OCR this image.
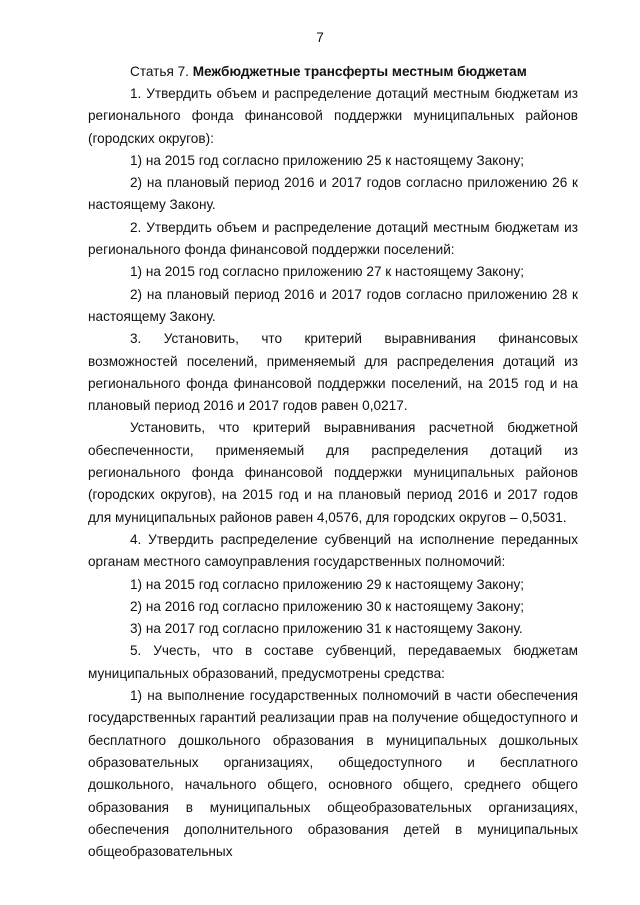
7

Статья 7. Межбюджетные трансферты местным бюджетам

1. Утвердить объем и распределение дотаций местным бюджетам из регионального фонда финансовой поддержки муниципальных районов (городских округов):

1) на 2015 год согласно приложению 25 к настоящему Закону;

2) на плановый период 2016 и 2017 годов согласно приложению 26 к настоящему Закону.

2. Утвердить объем и распределение дотаций местным бюджетам из регионального фонда финансовой поддержки поселений:

1) на 2015 год согласно приложению 27 к настоящему Закону;

2) на плановый период 2016 и 2017 годов согласно приложению 28 к настоящему Закону.

3. Установить, что критерий выравнивания финансовых возможностей поселений, применяемый для распределения дотаций из регионального фонда финансовой поддержки поселений, на 2015 год и на плановый период 2016 и 2017 годов равен 0,0217.

Установить, что критерий выравнивания расчетной бюджетной обеспеченности, применяемый для распределения дотаций из регионального фонда финансовой поддержки муниципальных районов (городских округов), на 2015 год и на плановый период 2016 и 2017 годов для муниципальных районов равен 4,0576, для городских округов – 0,5031.

4. Утвердить распределение субвенций на исполнение переданных органам местного самоуправления государственных полномочий:

1) на 2015 год согласно приложению 29 к настоящему Закону;

2) на 2016 год согласно приложению 30 к настоящему Закону;

3) на 2017 год согласно приложению 31 к настоящему Закону.

5. Учесть, что в составе субвенций, передаваемых бюджетам муниципальных образований, предусмотрены средства:

1) на выполнение государственных полномочий в части обеспечения государственных гарантий реализации прав на получение общедоступного и бесплатного дошкольного образования в муниципальных дошкольных образовательных организациях, общедоступного и бесплатного дошкольного, начального общего, основного общего, среднего общего образования в муниципальных общеобразовательных организациях, обеспечения дополнительного образования детей в муниципальных общеобразовательных
